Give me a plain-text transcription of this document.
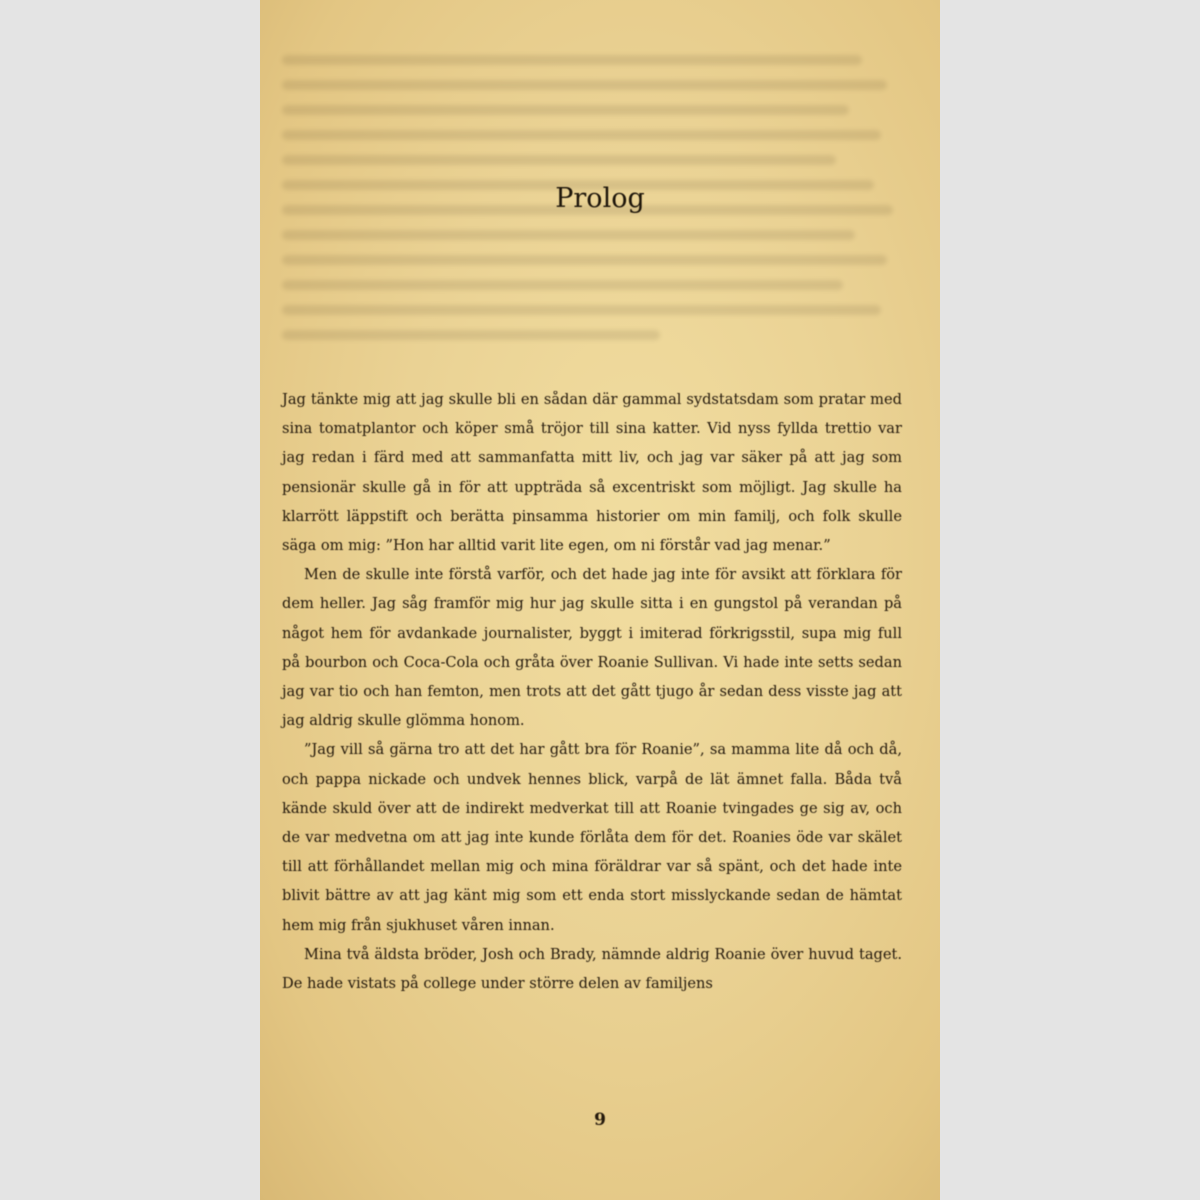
Prolog

Jag tänkte mig att jag skulle bli en sådan där gammal sydstatsdam som pratar med sina tomatplantor och köper små tröjor till sina katter. Vid nyss fyllda trettio var jag redan i färd med att sammanfatta mitt liv, och jag var säker på att jag som pensionär skulle gå in för att uppträda så excentriskt som möjligt. Jag skulle ha klarrött läppstift och berätta pinsamma historier om min familj, och folk skulle säga om mig: ”Hon har alltid varit lite egen, om ni förstår vad jag menar.”

Men de skulle inte förstå varför, och det hade jag inte för avsikt att förklara för dem heller. Jag såg framför mig hur jag skulle sitta i en gungstol på verandan på något hem för avdankade journalister, byggt i imiterad förkrigsstil, supa mig full på bourbon och Coca-Cola och gråta över Roanie Sullivan. Vi hade inte setts sedan jag var tio och han femton, men trots att det gått tjugo år sedan dess visste jag att jag aldrig skulle glömma honom.

”Jag vill så gärna tro att det har gått bra för Roanie”, sa mamma lite då och då, och pappa nickade och undvek hennes blick, varpå de lät ämnet falla. Båda två kände skuld över att de indirekt medverkat till att Roanie tvingades ge sig av, och de var medvetna om att jag inte kunde förlåta dem för det. Roanies öde var skälet till att förhållandet mellan mig och mina föräldrar var så spänt, och det hade inte blivit bättre av att jag känt mig som ett enda stort misslyckande sedan de hämtat hem mig från sjukhuset våren innan.

Mina två äldsta bröder, Josh och Brady, nämnde aldrig Roanie över huvud taget. De hade vistats på college under större delen av familjens

9
